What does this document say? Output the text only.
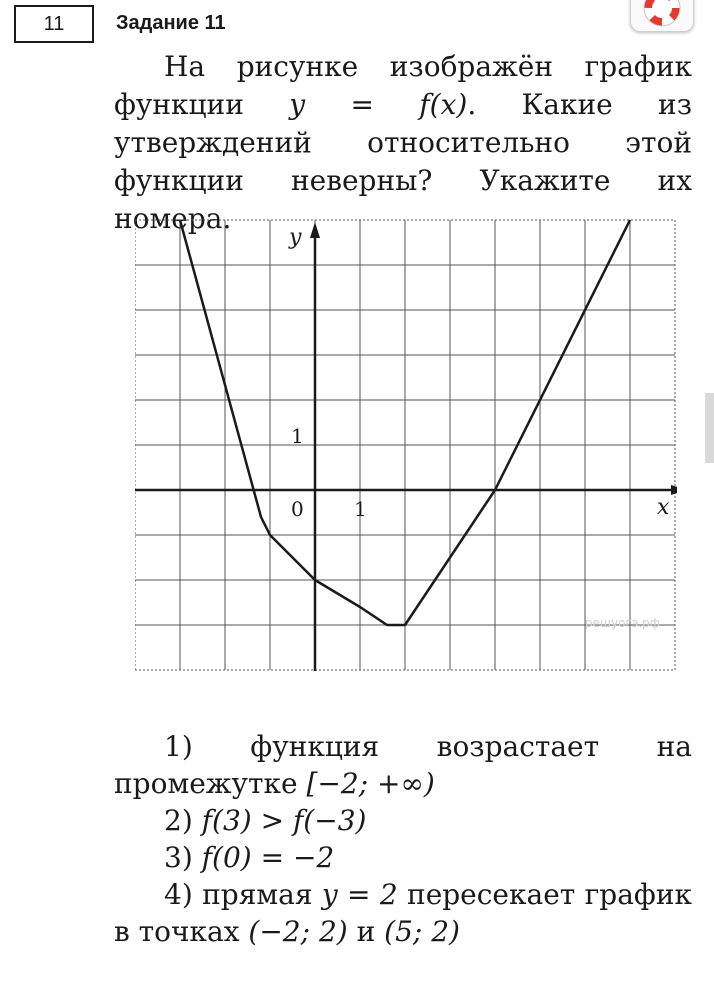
11	Задание 11

На рисунке изображён график функции y = f(x). Какие из утверждений относительно этой функции неверны? Укажите их номера.

x
y
0	1
1
решуогэ.рф

1) функция возрастает на промежутке [−2; +∞)

2) f(3) > f(−3)

3) f(0) = −2

4) прямая y = 2 пересекает график в точках (−2; 2) и (5; 2)
